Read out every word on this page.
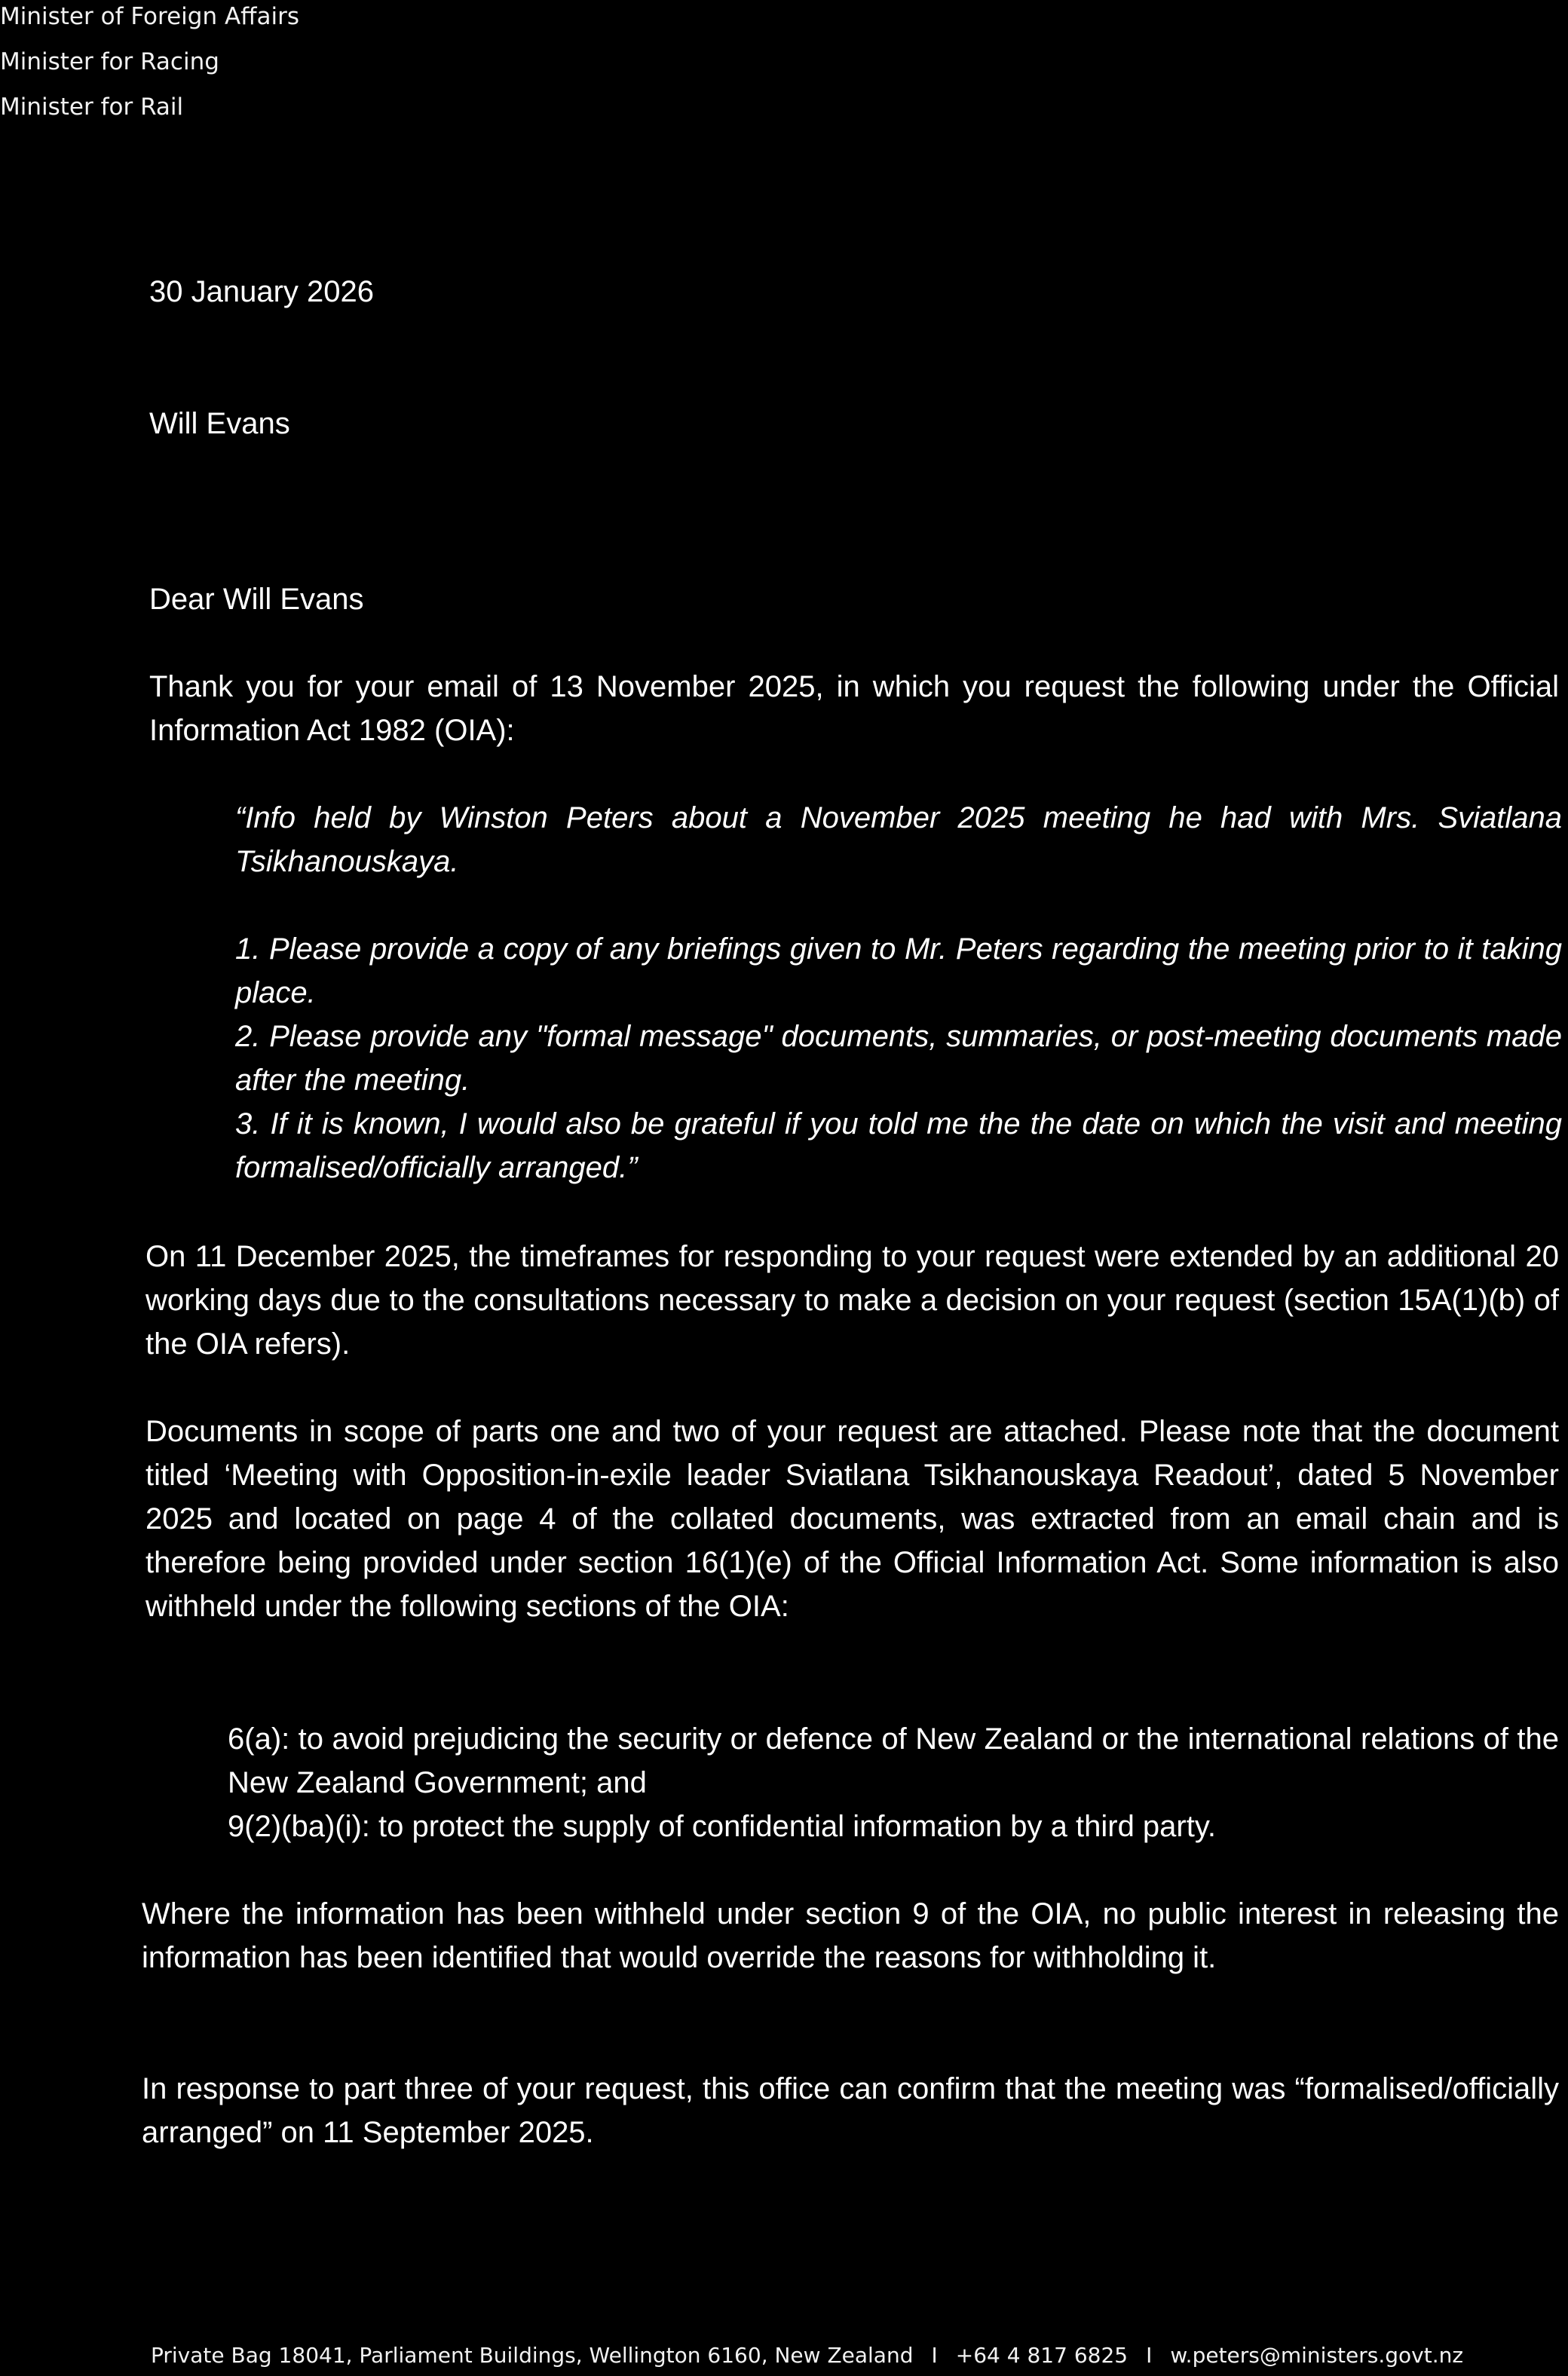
Minister of Foreign Affairs
Minister for Racing
Minister for Rail
30 January 2026
Will Evans
Dear Will Evans
Thank you for your email of 13 November 2025, in which you request the following under the Official Information Act 1982 (OIA):
“Info held by Winston Peters about a November 2025 meeting he had with Mrs. Sviatlana Tsikhanouskaya.
1. Please provide a copy of any briefings given to Mr. Peters regarding the meeting prior to it taking place.
2. Please provide any "formal message" documents, summaries, or post-meeting documents made after the meeting.
3. If it is known, I would also be grateful if you told me the the date on which the visit and meeting formalised/officially arranged.”
On 11 December 2025, the timeframes for responding to your request were extended by an additional 20 working days due to the consultations necessary to make a decision on your request (section 15A(1)(b) of the OIA refers).
Documents in scope of parts one and two of your request are attached. Please note that the document titled ‘Meeting with Opposition-in-exile leader Sviatlana Tsikhanouskaya Readout’, dated 5 November 2025 and located on page 4 of the collated documents, was extracted from an email chain and is therefore being provided under section 16(1)(e) of the Official Information Act. Some information is also withheld under the following sections of the OIA:
6(a): to avoid prejudicing the security or defence of New Zealand or the international relations of the New Zealand Government; and
9(2)(ba)(i): to protect the supply of confidential information by a third party.
Where the information has been withheld under section 9 of the OIA, no public interest in releasing the information has been identified that would override the reasons for withholding it.
In response to part three of your request, this office can confirm that the meeting was “formalised/officially arranged” on 11 September 2025.
Private Bag 18041, Parliament Buildings, Wellington 6160, New Zealand I +64 4 817 6825 I w.peters@ministers.govt.nz
